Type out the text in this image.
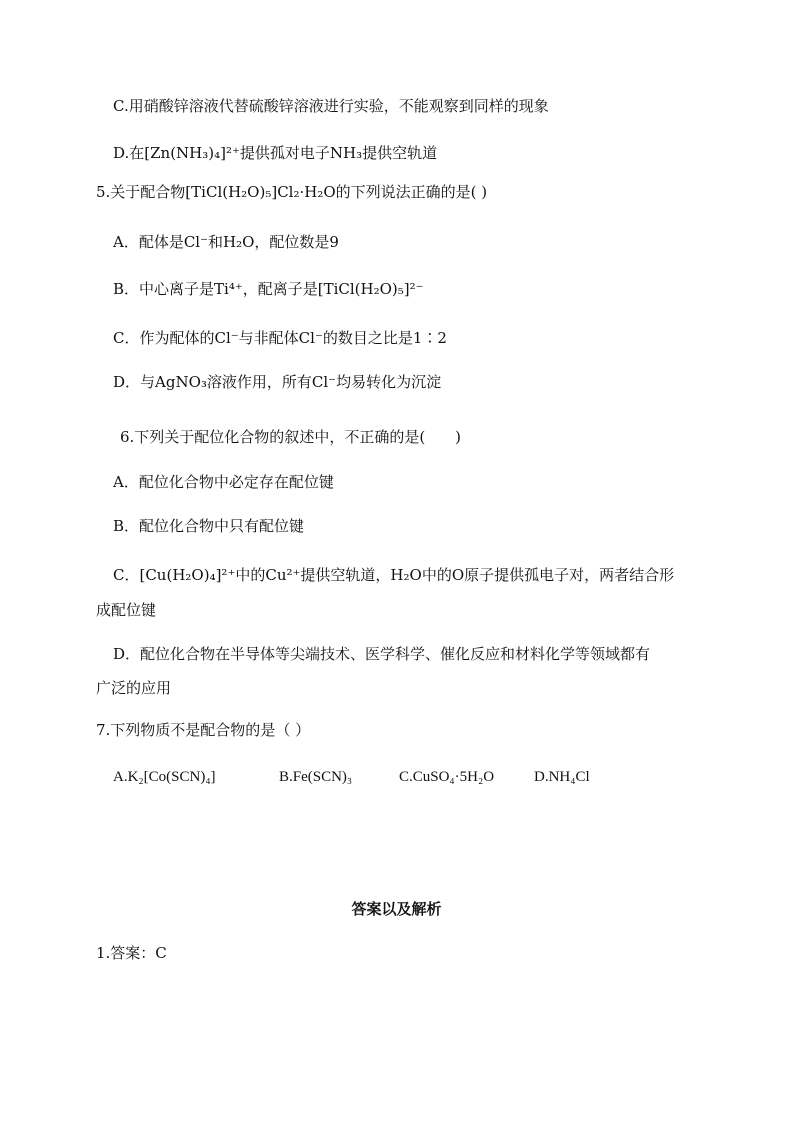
C.用硝酸锌溶液代替硫酸锌溶液进行实验，不能观察到同样的现象
D.在[Zn(NH₃)₄]²⁺提供孤对电子NH₃提供空轨道
5.关于配合物[TiCl(H₂O)₅]Cl₂·H₂O的下列说法正确的是( )
A．配体是Cl⁻和H₂O，配位数是9
B．中心离子是Ti⁴⁺，配离子是[TiCl(H₂O)₅]²⁻
C．作为配体的Cl⁻与非配体Cl⁻的数目之比是1∶2
D．与AgNO₃溶液作用，所有Cl⁻均易转化为沉淀
6.下列关于配位化合物的叙述中，不正确的是(　　)
A．配位化合物中必定存在配位键
B．配位化合物中只有配位键
C．[Cu(H₂O)₄]²⁺中的Cu²⁺提供空轨道，H₂O中的O原子提供孤电子对，两者结合形
成配位键
D．配位化合物在半导体等尖端技术、医学科学、催化反应和材料化学等领域都有
广泛的应用
7.下列物质不是配合物的是（ ）
A.K₂[Co(SCN)₄]	B.Fe(SCN)₃	C.CuSO₄·5H₂O	D.NH₄Cl
答案以及解析
1.答案：C
